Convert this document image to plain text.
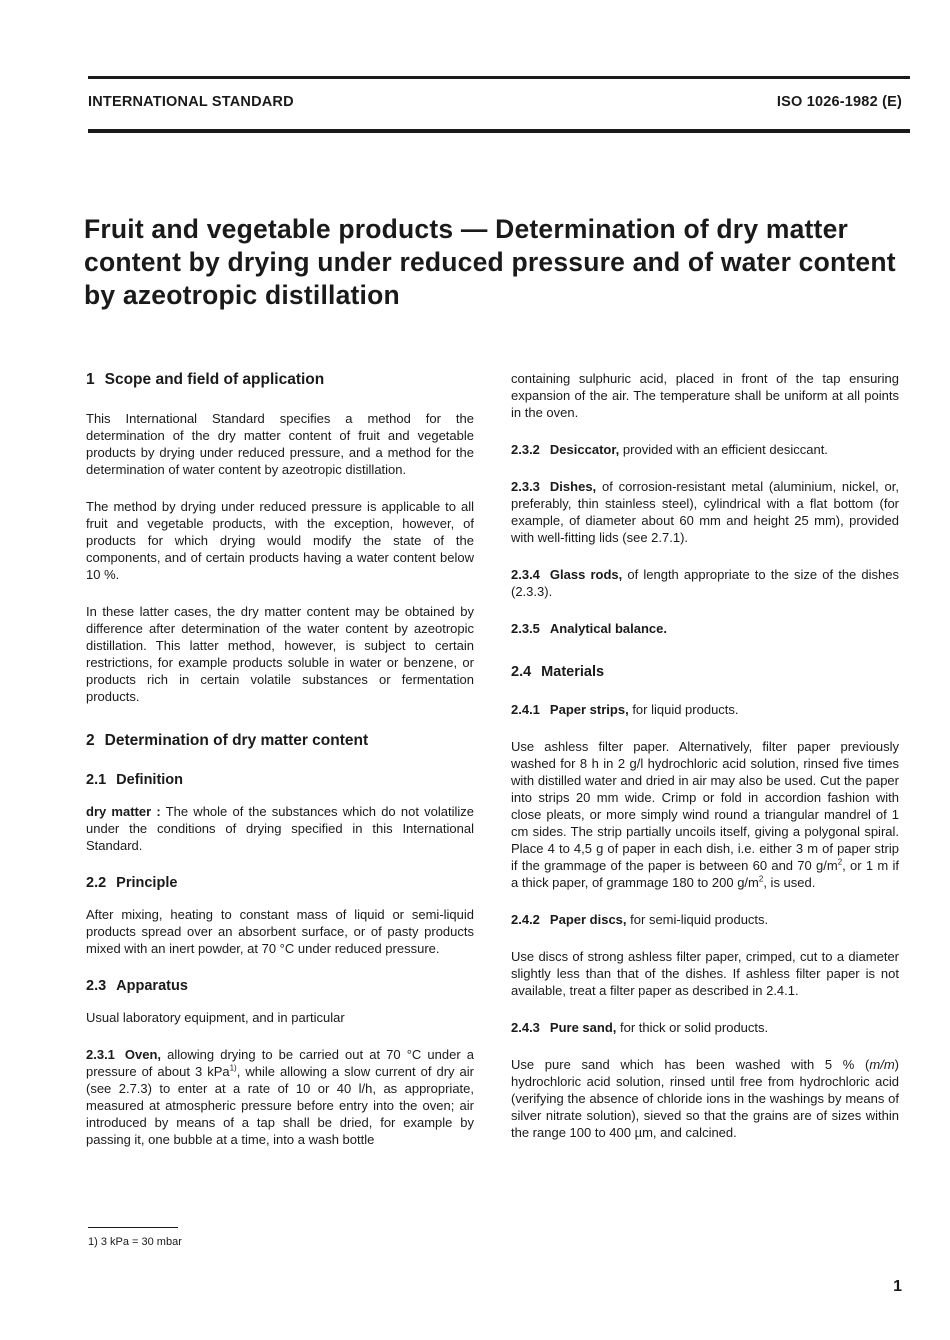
INTERNATIONAL STANDARD	ISO 1026-1982 (E)
Fruit and vegetable products — Determination of dry matter content by drying under reduced pressure and of water content by azeotropic distillation
1 Scope and field of application

This International Standard specifies a method for the determination of the dry matter content of fruit and vegetable products by drying under reduced pressure, and a method for the determination of water content by azeotropic distillation.

The method by drying under reduced pressure is applicable to all fruit and vegetable products, with the exception, however, of products for which drying would modify the state of the components, and of certain products having a water content below 10 %.

In these latter cases, the dry matter content may be obtained by difference after determination of the water content by azeotropic distillation. This latter method, however, is subject to certain restrictions, for example products soluble in water or benzene, or products rich in certain volatile substances or fermentation products.

2 Determination of dry matter content
2.1 Definition

dry matter : The whole of the substances which do not volatilize under the conditions of drying specified in this International Standard.

2.2 Principle

After mixing, heating to constant mass of liquid or semi-liquid products spread over an absorbent surface, or of pasty products mixed with an inert powder, at 70 °C under reduced pressure.

2.3 Apparatus

Usual laboratory equipment, and in particular

2.3.1 Oven, allowing drying to be carried out at 70 °C under a pressure of about 3 kPa$^{1)}$, while allowing a slow current of dry air (see 2.7.3) to enter at a rate of 10 or 40 l/h, as appropriate, measured at atmospheric pressure before entry into the oven; air introduced by means of a tap shall be dried, for example by passing it, one bubble at a time, into a wash bottle

containing sulphuric acid, placed in front of the tap ensuring expansion of the air. The temperature shall be uniform at all points in the oven.

2.3.2 Desiccator, provided with an efficient desiccant.

2.3.3 Dishes, of corrosion-resistant metal (aluminium, nickel, or, preferably, thin stainless steel), cylindrical with a flat bottom (for example, of diameter about 60 mm and height 25 mm), provided with well-fitting lids (see 2.7.1).

2.3.4 Glass rods, of length appropriate to the size of the dishes (2.3.3).

2.3.5 Analytical balance.

2.4 Materials

2.4.1 Paper strips, for liquid products.

Use ashless filter paper. Alternatively, filter paper previously washed for 8 h in 2 g/l hydrochloric acid solution, rinsed five times with distilled water and dried in air may also be used. Cut the paper into strips 20 mm wide. Crimp or fold in accordion fashion with close pleats, or more simply wind round a triangular mandrel of 1 cm sides. The strip partially uncoils itself, giving a polygonal spiral. Place 4 to 4,5 g of paper in each dish, i.e. either 3 m of paper strip if the grammage of the paper is between 60 and 70 $g/m^2$, or 1 m if a thick paper, of grammage 180 to 200 $g/m^2$, is used.

2.4.2 Paper discs, for semi-liquid products.

Use discs of strong ashless filter paper, crimped, cut to a diameter slightly less than that of the dishes. If ashless filter paper is not available, treat a filter paper as described in 2.4.1.

2.4.3 Pure sand, for thick or solid products.

Use pure sand which has been washed with 5 % (m/m) hydrochloric acid solution, rinsed until free from hydrochloric acid (verifying the absence of chloride ions in the washings by means of silver nitrate solution), sieved so that the grains are of sizes within the range 100 to 400 µm, and calcined.

1) 3 kPa = 30 mbar
1
